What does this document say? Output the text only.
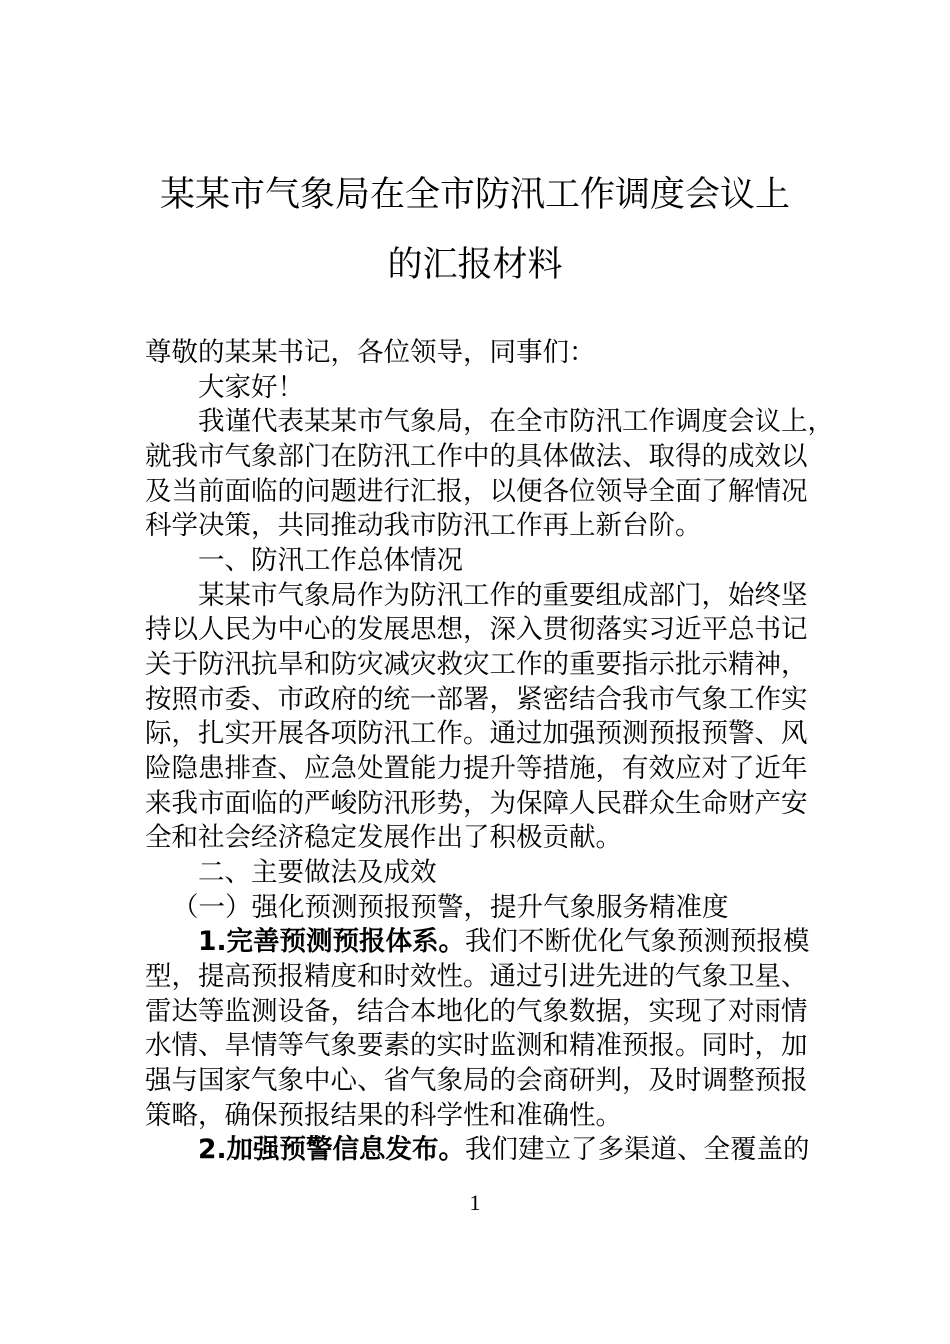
某某市气象局在全市防汛工作调度会议上
的汇报材料
尊敬的某某书记，各位领导，同事们：
大家好！
我谨代表某某市气象局，在全市防汛工作调度会议上，
就我市气象部门在防汛工作中的具体做法、取得的成效以
及当前面临的问题进行汇报，以便各位领导全面了解情况
科学决策，共同推动我市防汛工作再上新台阶。
一、防汛工作总体情况
某某市气象局作为防汛工作的重要组成部门，始终坚
持以人民为中心的发展思想，深入贯彻落实习近平总书记
关于防汛抗旱和防灾减灾救灾工作的重要指示批示精神，
按照市委、市政府的统一部署，紧密结合我市气象工作实
际，扎实开展各项防汛工作。通过加强预测预报预警、风
险隐患排查、应急处置能力提升等措施，有效应对了近年
来我市面临的严峻防汛形势，为保障人民群众生命财产安
全和社会经济稳定发展作出了积极贡献。
二、主要做法及成效
（一）强化预测预报预警，提升气象服务精准度
1.完善预测预报体系。我们不断优化气象预测预报模
型，提高预报精度和时效性。通过引进先进的气象卫星、
雷达等监测设备，结合本地化的气象数据，实现了对雨情
水情、旱情等气象要素的实时监测和精准预报。同时，加
强与国家气象中心、省气象局的会商研判，及时调整预报
策略，确保预报结果的科学性和准确性。
2.加强预警信息发布。我们建立了多渠道、全覆盖的
1
